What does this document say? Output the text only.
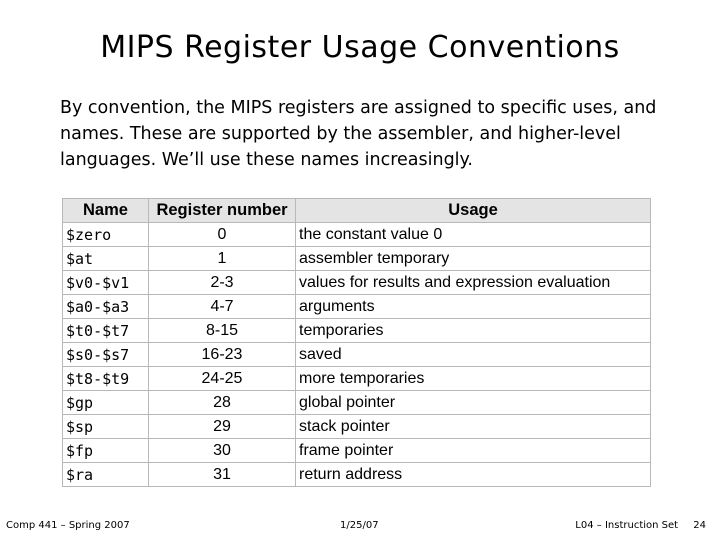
MIPS Register Usage Conventions
By convention, the MIPS registers are assigned to specific uses, and names. These are supported by the assembler, and higher-level languages. We’ll use these names increasingly.
Name	Register number	Usage
$zero	0	the constant value 0
$at	1	assembler temporary
$v0-$v1	2-3	values for results and expression evaluation
$a0-$a3	4-7	arguments
$t0-$t7	8-15	temporaries
$s0-$s7	16-23	saved
$t8-$t9	24-25	more temporaries
$gp	28	global pointer
$sp	29	stack pointer
$fp	30	frame pointer
$ra	31	return address
Comp 441 – Spring 2007	1/25/07	L04 – Instruction Set 24
